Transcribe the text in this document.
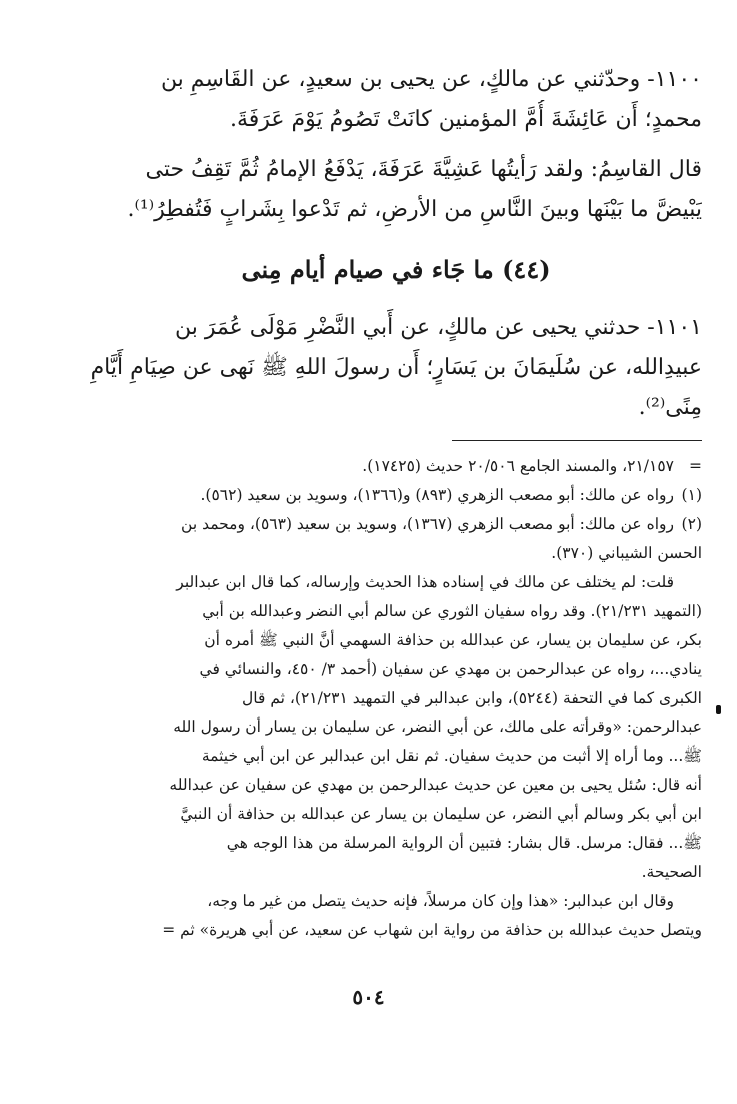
١١٠٠- وحدّثني عن مالكٍ، عن يحيى بن سعيدٍ، عن القَاسِمِ بن
محمدٍ؛ أَن عَائِشَةَ أُمَّ المؤمنين كانَتْ تَصُومُ يَوْمَ عَرَفَةَ.
قال القاسِمُ: ولقد رَأيتُها عَشِيَّةَ عَرَفَةَ، يَدْفَعُ الإمامُ ثُمَّ تَقِفُ حتى
يَبْيضَّ ما بَيْنَها وبينَ النَّاسِ من الأرضِ، ثم تَدْعوا بِشَرابٍ فَتُفطِرُ⁽¹⁾.
(٤٤) ما جَاء في صيام أيام مِنى
١١٠١- حدثني يحيى عن مالكٍ، عن أَبي النَّضْرِ مَوْلَى عُمَرَ بن
عبيدِالله، عن سُلَيمَانَ بن يَسَارٍ؛ أَن رسولَ اللهِ ﷺ نَهى عن صِيَامِ أَيَّامِ
مِنًى⁽²⁾.
=٢١/١٥٧، والمسند الجامع ٢٠/٥٠٦ حديث (١٧٤٢٥).
(١)رواه عن مالك: أبو مصعب الزهري (٨٩٣) و(١٣٦٦)، وسويد بن سعيد (٥٦٢).
(٢)رواه عن مالك: أبو مصعب الزهري (١٣٦٧)، وسويد بن سعيد (٥٦٣)، ومحمد بن
الحسن الشيباني (٣٧٠).
قلت: لم يختلف عن مالك في إسناده هذا الحديث وإرساله، كما قال ابن عبدالبر
(التمهيد ٢١/٢٣١). وقد رواه سفيان الثوري عن سالم أبي النضر وعبدالله بن أبي
بكر، عن سليمان بن يسار، عن عبدالله بن حذافة السهمي أنَّ النبي ﷺ أمره أن
ينادي...، رواه عن عبدالرحمن بن مهدي عن سفيان (أحمد ٣/ ٤٥٠، والنسائي في
الكبرى كما في التحفة (٥٢٤٤)، وابن عبدالبر في التمهيد ٢١/٢٣١)، ثم قال
عبدالرحمن: «وقرأته على مالك، عن أبي النضر، عن سليمان بن يسار أن رسول الله
ﷺ... وما أراه إلا أثبت من حديث سفيان. ثم نقل ابن عبدالبر عن ابن أبي خيثمة
أنه قال: سُئل يحيى بن معين عن حديث عبدالرحمن بن مهدي عن سفيان عن عبدالله
ابن أبي بكر وسالم أبي النضر، عن سليمان بن يسار عن عبدالله بن حذافة أن النبيَّ
ﷺ... فقال: مرسل. قال بشار: فتبين أن الرواية المرسلة من هذا الوجه هي
الصحيحة.
وقال ابن عبدالبر: «هذا وإن كان مرسلاً، فإنه حديث يتصل من غير ما وجه،
ويتصل حديث عبدالله بن حذافة من رواية ابن شهاب عن سعيد، عن أبي هريرة» ثم =
٥٠٤
